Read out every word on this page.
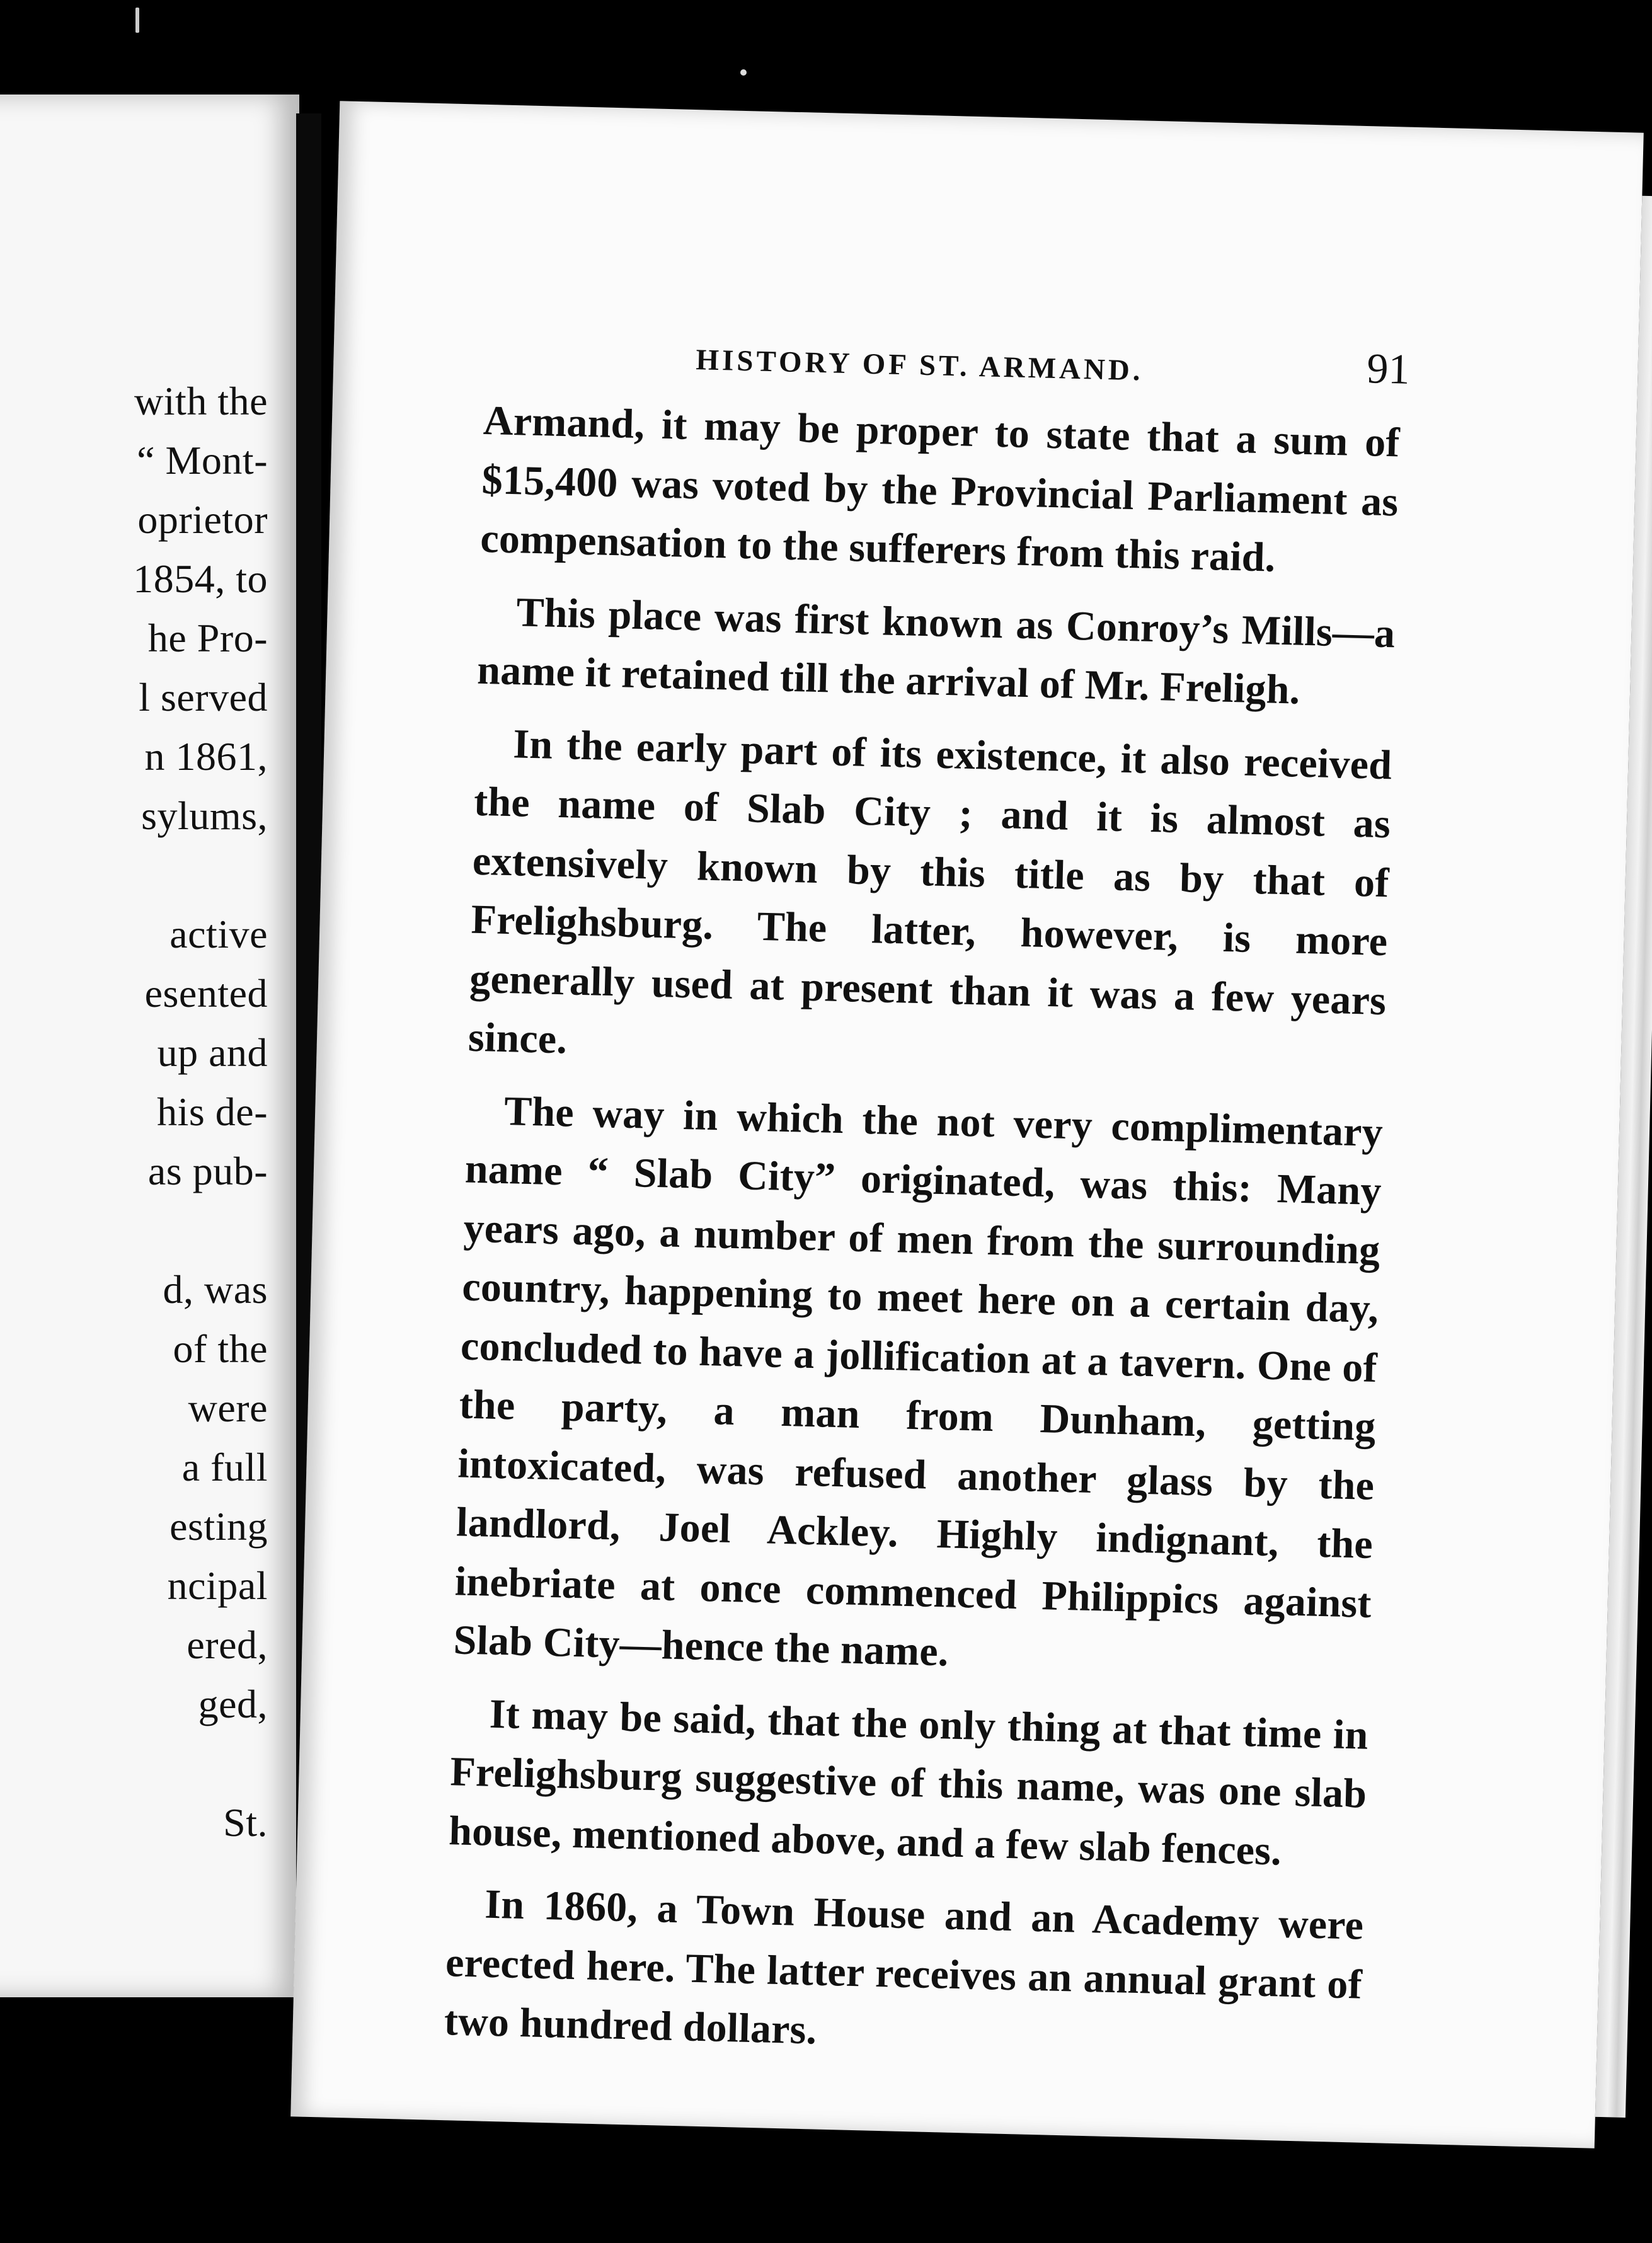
with the
“ Mont-
oprietor
1854, to
he Pro-
l served
n 1861,
sylums,
active
esented
up and
his de-
as pub-
d, was
of the
were
a full
esting
ncipal
ered,
ged,
St.
HISTORY OF ST. ARMAND.	91

Armand, it may be proper to state that a sum of $15,400 was voted by the Provincial Parliament as compensation to the sufferers from this raid.

This place was first known as Conroy’s Mills—a name it retained till the arrival of Mr. Freligh.

In the early part of its existence, it also received the name of Slab City ; and it is almost as extensively known by this title as by that of Frelighsburg. The latter, however, is more generally used at present than it was a few years since.

The way in which the not very complimentary name “ Slab City” originated, was this: Many years ago, a number of men from the surrounding country, happening to meet here on a certain day, concluded to have a jollification at a tavern. One of the party, a man from Dunham, getting intoxicated, was refused another glass by the landlord, Joel Ackley. Highly indignant, the inebriate at once commenced Philippics against Slab City—hence the name.

It may be said, that the only thing at that time in Frelighsburg suggestive of this name, was one slab house, mentioned above, and a few slab fences.

In 1860, a Town House and an Academy were erected here. The latter receives an annual grant of two hundred dollars.
